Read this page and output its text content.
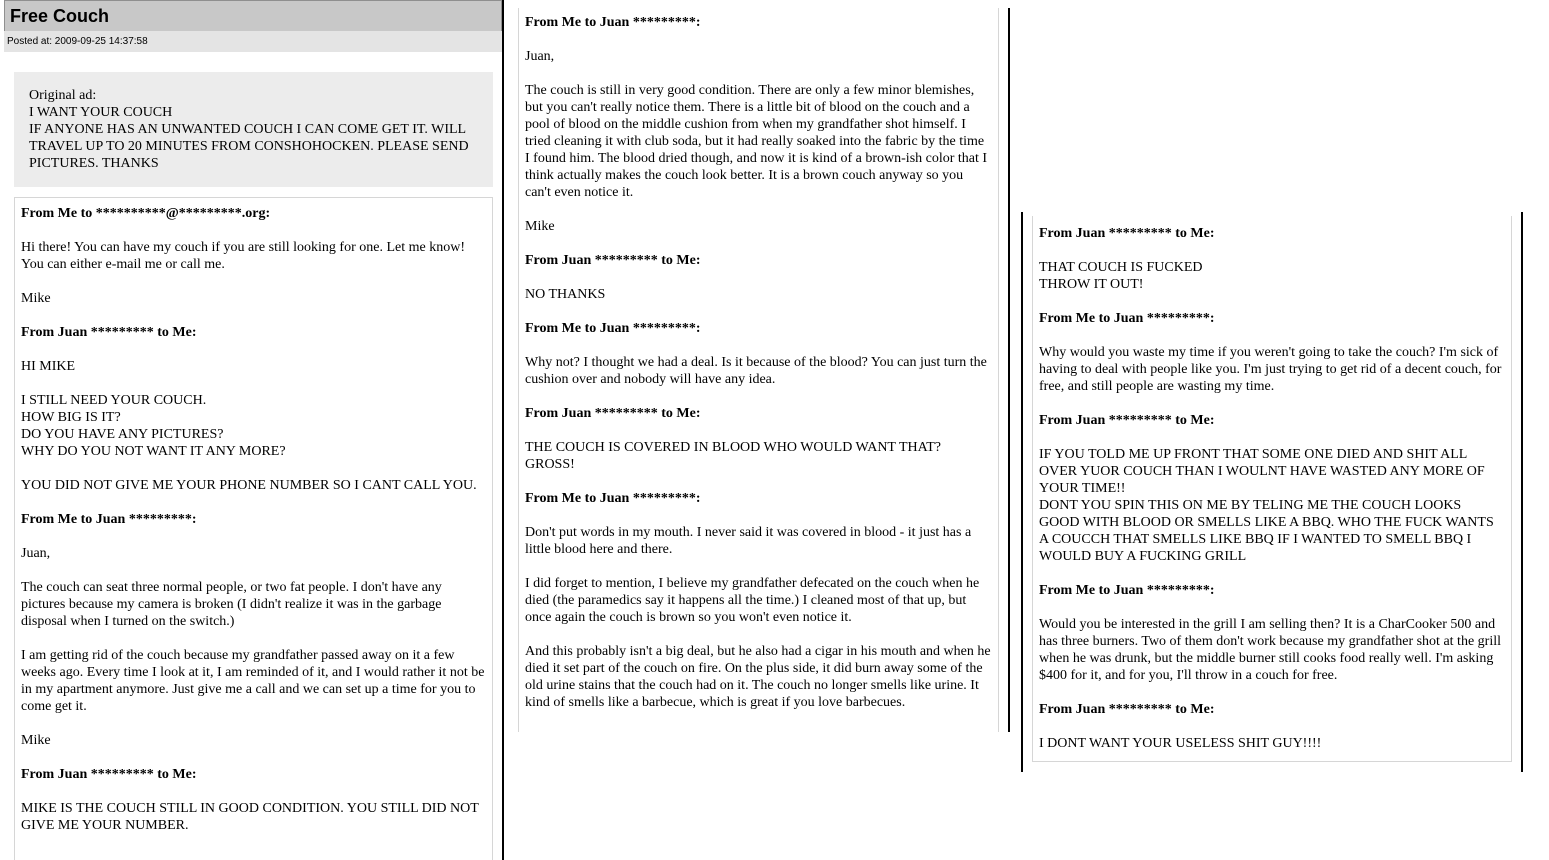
Free Couch
Posted at: 2009-09-25 14:37:58
Original ad:
I WANT YOUR COUCH
IF ANYONE HAS AN UNWANTED COUCH I CAN COME GET IT. WILL TRAVEL UP TO 20 MINUTES FROM CONSHOHOCKEN. PLEASE SEND PICTURES. THANKS
From Me to **********@*********.org:
Hi there! You can have my couch if you are still looking for one. Let me know! You can either e-mail me or call me.
Mike
From Juan ********* to Me:
HI MIKE
I STILL NEED YOUR COUCH.
HOW BIG IS IT?
DO YOU HAVE ANY PICTURES?
WHY DO YOU NOT WANT IT ANY MORE?
YOU DID NOT GIVE ME YOUR PHONE NUMBER SO I CANT CALL YOU.
From Me to Juan *********:
Juan,
The couch can seat three normal people, or two fat people. I don't have any pictures because my camera is broken (I didn't realize it was in the garbage disposal when I turned on the switch.)
I am getting rid of the couch because my grandfather passed away on it a few weeks ago. Every time I look at it, I am reminded of it, and I would rather it not be in my apartment anymore. Just give me a call and we can set up a time for you to come get it.
Mike
From Juan ********* to Me:
MIKE IS THE COUCH STILL IN GOOD CONDITION. YOU STILL DID NOT GIVE ME YOUR NUMBER.
From Me to Juan *********:
Juan,
The couch is still in very good condition. There are only a few minor blemishes, but you can't really notice them. There is a little bit of blood on the couch and a pool of blood on the middle cushion from when my grandfather shot himself. I tried cleaning it with club soda, but it had really soaked into the fabric by the time I found him. The blood dried though, and now it is kind of a brown-ish color that I think actually makes the couch look better. It is a brown couch anyway so you can't even notice it.
Mike
From Juan ********* to Me:
NO THANKS
From Me to Juan *********:
Why not? I thought we had a deal. Is it because of the blood? You can just turn the cushion over and nobody will have any idea.
From Juan ********* to Me:
THE COUCH IS COVERED IN BLOOD WHO WOULD WANT THAT? GROSS!
From Me to Juan *********:
Don't put words in my mouth. I never said it was covered in blood - it just has a little blood here and there.
I did forget to mention, I believe my grandfather defecated on the couch when he died (the paramedics say it happens all the time.) I cleaned most of that up, but once again the couch is brown so you won't even notice it.
And this probably isn't a big deal, but he also had a cigar in his mouth and when he died it set part of the couch on fire. On the plus side, it did burn away some of the old urine stains that the couch had on it. The couch no longer smells like urine. It kind of smells like a barbecue, which is great if you love barbecues.
From Juan ********* to Me:
THAT COUCH IS FUCKED
THROW IT OUT!
From Me to Juan *********:
Why would you waste my time if you weren't going to take the couch? I'm sick of having to deal with people like you. I'm just trying to get rid of a decent couch, for free, and still people are wasting my time.
From Juan ********* to Me:
IF YOU TOLD ME UP FRONT THAT SOME ONE DIED AND SHIT ALL OVER YUOR COUCH THAN I WOULNT HAVE WASTED ANY MORE OF YOUR TIME!!
DONT YOU SPIN THIS ON ME BY TELING ME THE COUCH LOOKS GOOD WITH BLOOD OR SMELLS LIKE A BBQ. WHO THE FUCK WANTS A COUCCH THAT SMELLS LIKE BBQ IF I WANTED TO SMELL BBQ I WOULD BUY A FUCKING GRILL
From Me to Juan *********:
Would you be interested in the grill I am selling then? It is a CharCooker 500 and has three burners. Two of them don't work because my grandfather shot at the grill when he was drunk, but the middle burner still cooks food really well. I'm asking $400 for it, and for you, I'll throw in a couch for free.
From Juan ********* to Me:
I DONT WANT YOUR USELESS SHIT GUY!!!!
